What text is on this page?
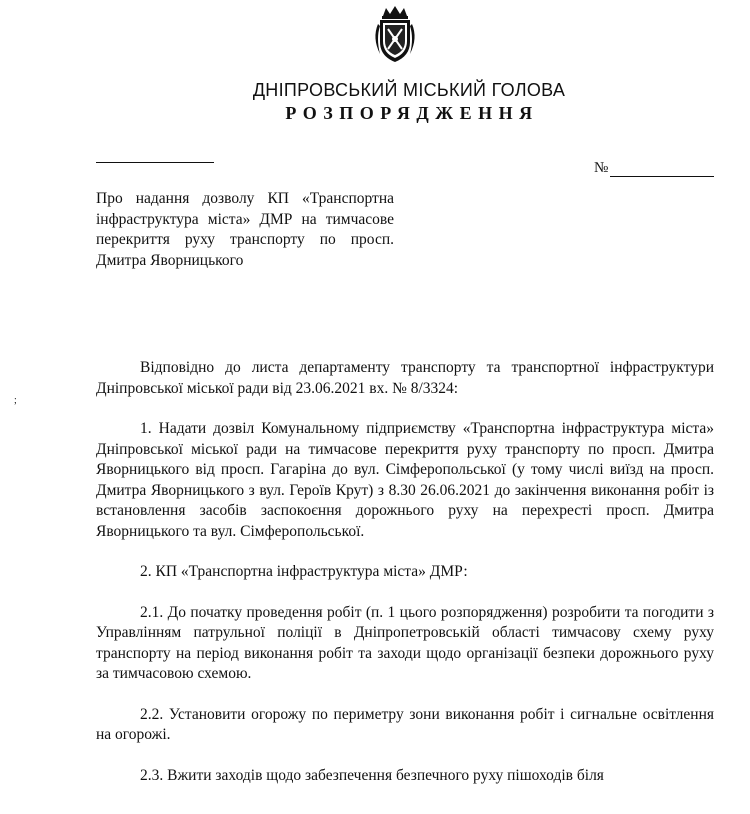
ДНІПРОВСЬКИЙ МІСЬКИЙ ГОЛОВА
РОЗПОРЯДЖЕННЯ
№
Про надання дозволу КП «Транспортна інфраструктура міста» ДМР на тимчасове перекриття руху транспорту по просп. Дмитра Яворницького
;

Відповідно до листа департаменту транспорту та транспортної інфраструктури Дніпровської міської ради від 23.06.2021 вх. № 8/3324:

1. Надати дозвіл Комунальному підприємству «Транспортна інфраструктура міста» Дніпровської міської ради на тимчасове перекриття руху транспорту по просп. Дмитра Яворницького від просп. Гагаріна до вул. Сімферопольської (у тому числі виїзд на просп. Дмитра Яворницького з вул. Героїв Крут) з 8.30 26.06.2021 до закінчення виконання робіт із встановлення засобів заспокоєння дорожнього руху на перехресті просп. Дмитра Яворницького та вул. Сімферопольської.

2. КП «Транспортна інфраструктура міста» ДМР:

2.1. До початку проведення робіт (п. 1 цього розпорядження) розробити та погодити з Управлінням патрульної поліції в Дніпропетровській області тимчасову схему руху транспорту на період виконання робіт та заходи щодо організації безпеки дорожнього руху за тимчасовою схемою.

2.2. Установити огорожу по периметру зони виконання робіт і сигнальне освітлення на огорожі.

2.3. Вжити заходів щодо забезпечення безпечного руху пішоходів біля
